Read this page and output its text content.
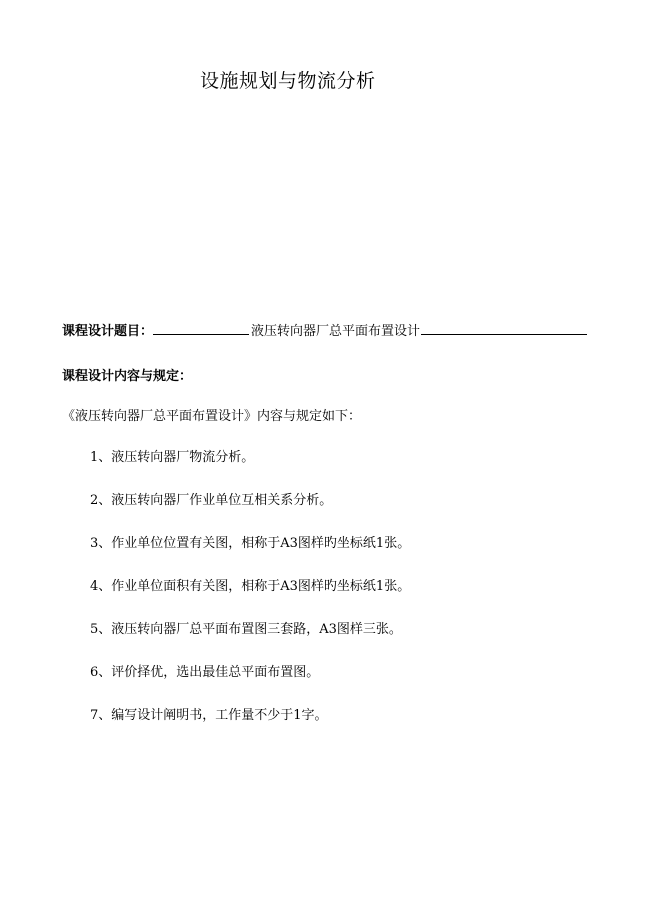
设施规划与物流分析
课程设计题目：	液压转向器厂总平面布置设计
课程设计内容与规定：
《液压转向器厂总平面布置设计》内容与规定如下：
1、液压转向器厂物流分析。
2、液压转向器厂作业单位互相关系分析。
3、作业单位位置有关图，相称于A3图样旳坐标纸1张。
4、作业单位面积有关图，相称于A3图样旳坐标纸1张。
5、液压转向器厂总平面布置图三套路，A3图样三张。
6、评价择优，选出最佳总平面布置图。
7、编写设计阐明书，工作量不少于1字。
